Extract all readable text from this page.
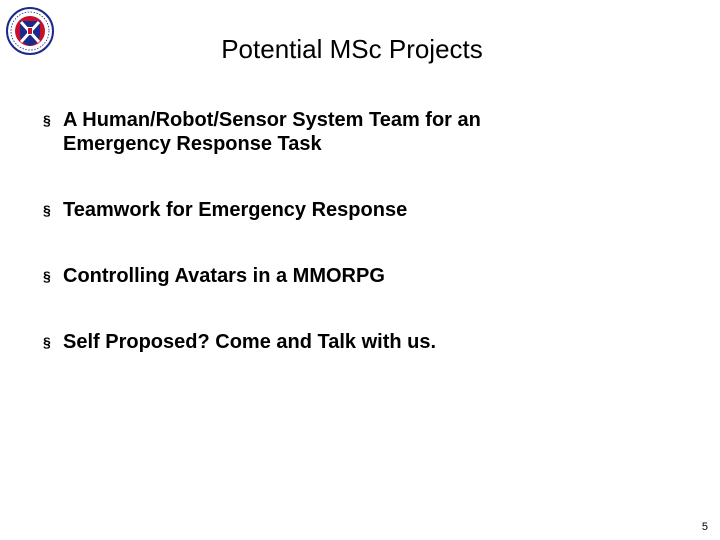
Potential MSc Projects
§ A Human/Robot/Sensor System Team for an
Emergency Response Task
§ Teamwork for Emergency Response
§ Controlling Avatars in a MMORPG
§ Self Proposed? Come and Talk with us.
5
